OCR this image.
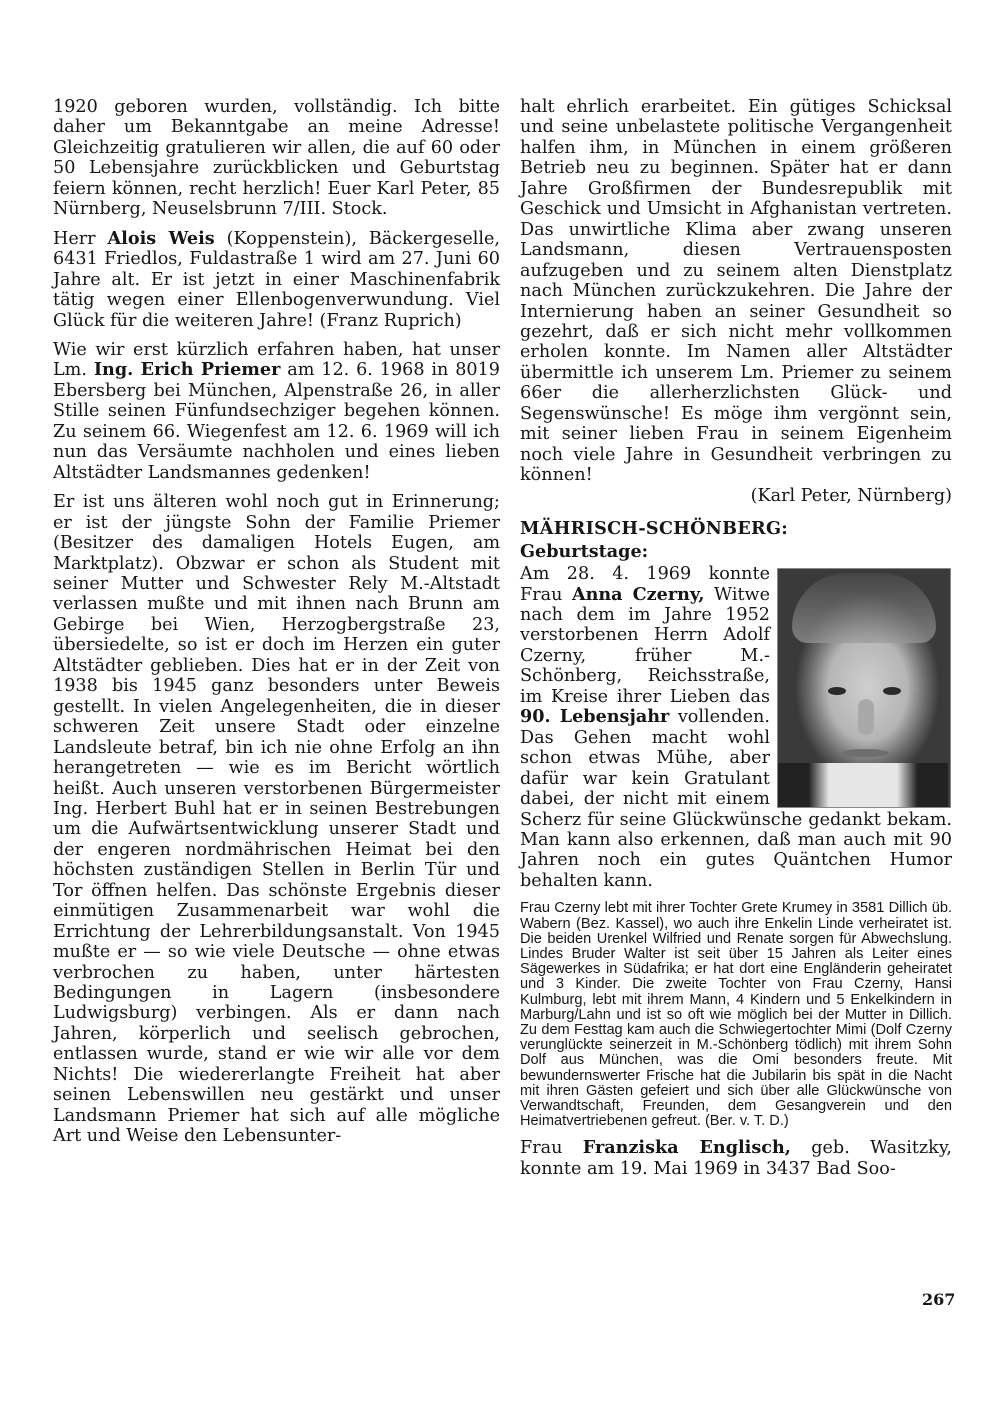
1920 geboren wurden, vollständig. Ich bitte daher um Bekanntgabe an meine Adresse! Gleichzeitig gratulieren wir allen, die auf 60 oder 50 Lebensjahre zurückblicken und Geburtstag feiern können, recht herzlich! Euer Karl Peter, 85 Nürnberg, Neuselsbrunn 7/III. Stock.

Herr Alois Weis (Koppenstein), Bäckergeselle, 6431 Friedlos, Fuldastraße 1 wird am 27. Juni 60 Jahre alt. Er ist jetzt in einer Maschinenfabrik tätig wegen einer Ellenbogenverwundung. Viel Glück für die weiteren Jahre! (Franz Ruprich)

Wie wir erst kürzlich erfahren haben, hat unser Lm. Ing. Erich Priemer am 12. 6. 1968 in 8019 Ebersberg bei München, Alpenstraße 26, in aller Stille seinen Fünfundsechziger begehen können. Zu seinem 66. Wiegenfest am 12. 6. 1969 will ich nun das Versäumte nachholen und eines lieben Altstädter Landsmannes gedenken!

Er ist uns älteren wohl noch gut in Erinnerung; er ist der jüngste Sohn der Familie Priemer (Besitzer des damaligen Hotels Eugen, am Marktplatz). Obzwar er schon als Student mit seiner Mutter und Schwester Rely M.-Altstadt verlassen mußte und mit ihnen nach Brunn am Gebirge bei Wien, Herzogbergstraße 23, übersiedelte, so ist er doch im Herzen ein guter Altstädter geblieben. Dies hat er in der Zeit von 1938 bis 1945 ganz besonders unter Beweis gestellt. In vielen Angelegenheiten, die in dieser schweren Zeit unsere Stadt oder einzelne Landsleute betraf, bin ich nie ohne Erfolg an ihn herangetreten — wie es im Bericht wörtlich heißt. Auch unseren verstorbenen Bürgermeister Ing. Herbert Buhl hat er in seinen Bestrebungen um die Aufwärtsentwicklung unserer Stadt und der engeren nordmährischen Heimat bei den höchsten zuständigen Stellen in Berlin Tür und Tor öffnen helfen. Das schönste Ergebnis dieser einmütigen Zusammenarbeit war wohl die Errichtung der Lehrerbildungsanstalt. Von 1945 mußte er — so wie viele Deutsche — ohne etwas verbrochen zu haben, unter härtesten Bedingungen in Lagern (insbesondere Ludwigsburg) verbingen. Als er dann nach Jahren, körperlich und seelisch gebrochen, entlassen wurde, stand er wie wir alle vor dem Nichts! Die wiedererlangte Freiheit hat aber seinen Lebenswillen neu gestärkt und unser Landsmann Priemer hat sich auf alle mögliche Art und Weise den Lebensunter-

halt ehrlich erarbeitet. Ein gütiges Schicksal und seine unbelastete politische Vergangenheit halfen ihm, in München in einem größeren Betrieb neu zu beginnen. Später hat er dann Jahre Großfirmen der Bundesrepublik mit Geschick und Umsicht in Afghanistan vertreten. Das unwirtliche Klima aber zwang unseren Landsmann, diesen Vertrauensposten aufzugeben und zu seinem alten Dienstplatz nach München zurückzukehren. Die Jahre der Internierung haben an seiner Gesundheit so gezehrt, daß er sich nicht mehr vollkommen erholen konnte. Im Namen aller Altstädter übermittle ich unserem Lm. Priemer zu seinem 66er die allerherzlichsten Glück- und Segenswünsche! Es möge ihm vergönnt sein, mit seiner lieben Frau in seinem Eigenheim noch viele Jahre in Gesundheit verbringen zu können!

(Karl Peter, Nürnberg)

MÄHRISCH-SCHÖNBERG:
Geburtstage:

Am 28. 4. 1969 konnte Frau Anna Czerny, Witwe nach dem im Jahre 1952 verstorbenen Herrn Adolf Czerny, früher M.-Schönberg, Reichsstraße, im Kreise ihrer Lieben das 90. Lebensjahr vollenden. Das Gehen macht wohl schon etwas Mühe, aber dafür war kein Gratulant dabei, der nicht mit einem Scherz für seine Glückwünsche gedankt bekam. Man kann also erkennen, daß man auch mit 90 Jahren noch ein gutes Quäntchen Humor behalten kann.

Frau Czerny lebt mit ihrer Tochter Grete Krumey in 3581 Dillich üb. Wabern (Bez. Kassel), wo auch ihre Enkelin Linde verheiratet ist. Die beiden Urenkel Wilfried und Renate sorgen für Abwechslung. Lindes Bruder Walter ist seit über 15 Jahren als Leiter eines Sägewerkes in Südafrika; er hat dort eine Engländerin geheiratet und 3 Kinder. Die zweite Tochter von Frau Czerny, Hansi Kulmburg, lebt mit ihrem Mann, 4 Kindern und 5 Enkelkindern in Marburg/Lahn und ist so oft wie möglich bei der Mutter in Dillich. Zu dem Festtag kam auch die Schwiegertochter Mimi (Dolf Czerny verunglückte seinerzeit in M.-Schönberg tödlich) mit ihrem Sohn Dolf aus München, was die Omi besonders freute. Mit bewundernswerter Frische hat die Jubilarin bis spät in die Nacht mit ihren Gästen gefeiert und sich über alle Glückwünsche von Verwandtschaft, Freunden, dem Gesangverein und den Heimatvertriebenen gefreut. (Ber. v. T. D.)

Frau Franziska Englisch, geb. Wasitzky, konnte am 19. Mai 1969 in 3437 Bad Soo-

267
